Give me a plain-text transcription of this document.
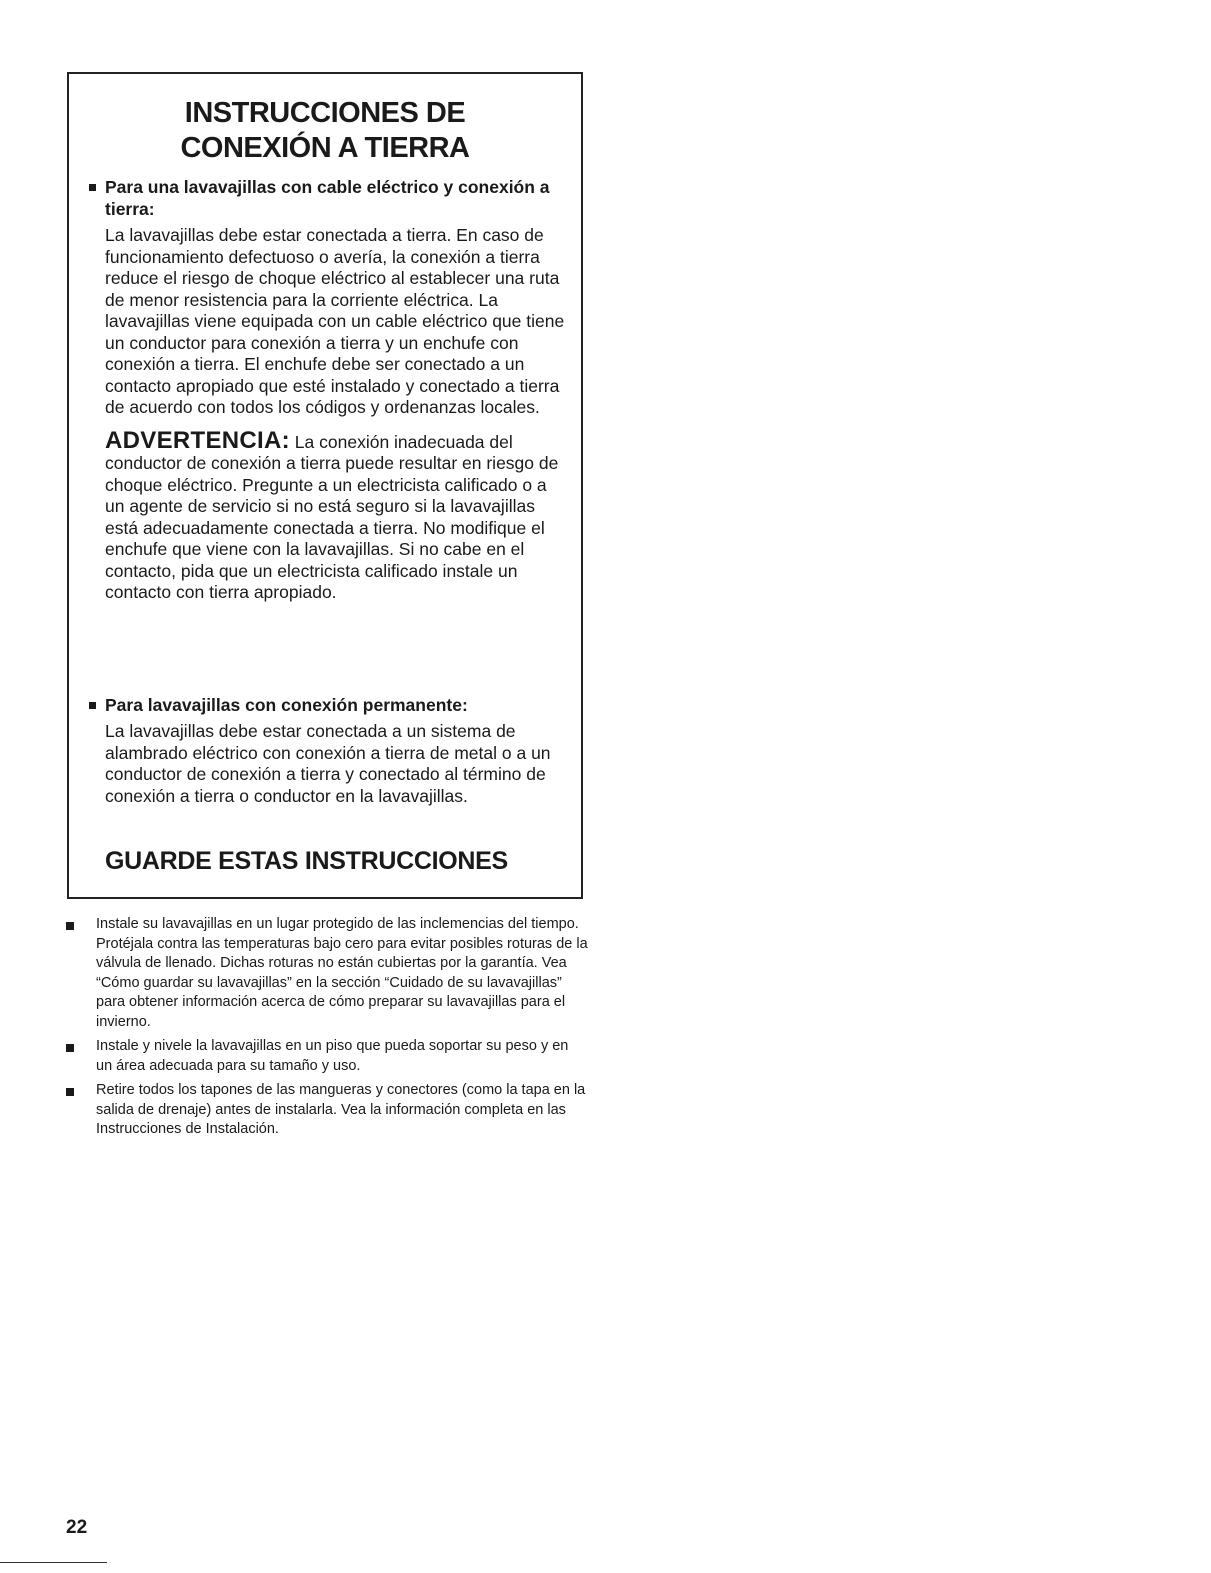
INSTRUCCIONES DE
CONEXIÓN A TIERRA

Para una lavavajillas con cable eléctrico y conexión a tierra:

La lavavajillas debe estar conectada a tierra. En caso de funcionamiento defectuoso o avería, la conexión a tierra reduce el riesgo de choque eléctrico al establecer una ruta de menor resistencia para la corriente eléctrica. La lavavajillas viene equipada con un cable eléctrico que tiene un conductor para conexión a tierra y un enchufe con conexión a tierra. El enchufe debe ser conectado a un contacto apropiado que esté instalado y conectado a tierra de acuerdo con todos los códigos y ordenanzas locales.

ADVERTENCIA: La conexión inadecuada del conductor de conexión a tierra puede resultar en riesgo de choque eléctrico. Pregunte a un electricista calificado o a un agente de servicio si no está seguro si la lavavajillas está adecuadamente conectada a tierra. No modifique el enchufe que viene con la lavavajillas. Si no cabe en el contacto, pida que un electricista calificado instale un contacto con tierra apropiado.

Para lavavajillas con conexión permanente:

La lavavajillas debe estar conectada a un sistema de alambrado eléctrico con conexión a tierra de metal o a un conductor de conexión a tierra y conectado al término de conexión a tierra o conductor en la lavavajillas.

GUARDE ESTAS INSTRUCCIONES

Instale su lavavajillas en un lugar protegido de las inclemencias del tiempo. Protéjala contra las temperaturas bajo cero para evitar posibles roturas de la válvula de llenado. Dichas roturas no están cubiertas por la garantía. Vea “Cómo guardar su lavavajillas” en la sección “Cuidado de su lavavajillas” para obtener información acerca de cómo preparar su lavavajillas para el invierno.

Instale y nivele la lavavajillas en un piso que pueda soportar su peso y en un área adecuada para su tamaño y uso.

Retire todos los tapones de las mangueras y conectores (como la tapa en la salida de drenaje) antes de instalarla. Vea la información completa en las Instrucciones de Instalación.

22
